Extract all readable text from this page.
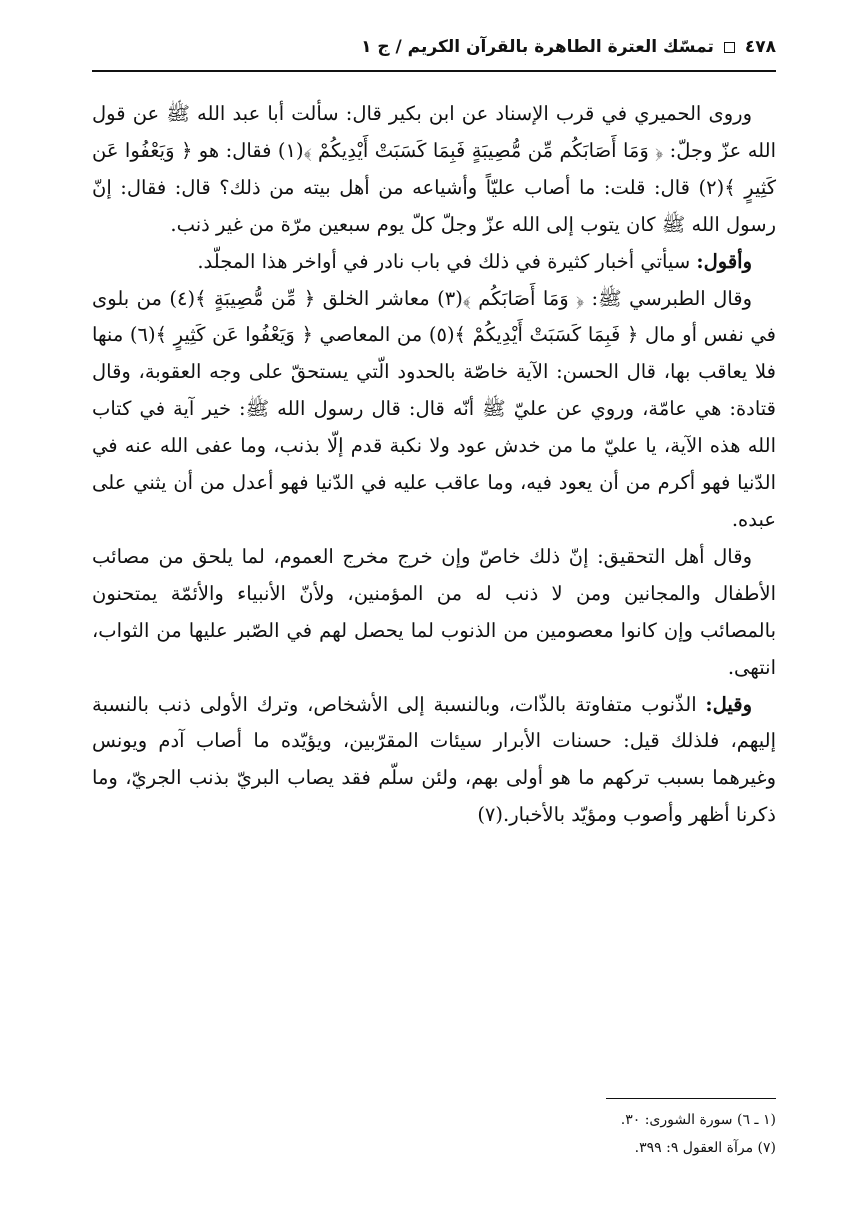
٤٧٨
تمسّك العترة الطاهرة بالقرآن الكريم / ج ١

وروى الحميري في قرب الإسناد عن ابن بكير قال: سألت أبا عبد الله ﷺ عن قول الله عزّ وجلّ: ﴿ وَمَا أَصَابَكُم مِّن مُّصِيبَةٍ فَبِمَا كَسَبَتْ أَيْدِيكُمْ ﴾(١) فقال: هو ﴿ وَيَعْفُوا عَن كَثِيرٍ ﴾(٢) قال: قلت: ما أصاب عليّاً وأشياعه من أهل بيته من ذلك؟ قال: فقال: إنّ رسول الله ﷺ كان يتوب إلى الله عزّ وجلّ كلّ يوم سبعين مرّة من غير ذنب.

وأقول: سيأتي أخبار كثيرة في ذلك في باب نادر في أواخر هذا المجلّد.

وقال الطبرسي ﷺ: ﴿ وَمَا أَصَابَكُم ﴾(٣) معاشر الخلق ﴿ مِّن مُّصِيبَةٍ ﴾(٤) من بلوى في نفس أو مال ﴿ فَبِمَا كَسَبَتْ أَيْدِيكُمْ ﴾(٥) من المعاصي ﴿ وَيَعْفُوا عَن كَثِيرٍ ﴾(٦) منها فلا يعاقب بها، قال الحسن: الآية خاصّة بالحدود الّتي يستحقّ على وجه العقوبة، وقال قتادة: هي عامّة، وروي عن عليّ ﷺ أنّه قال: قال رسول الله ﷺ: خير آية في كتاب الله هذه الآية، يا عليّ ما من خدش عود ولا نكبة قدم إلّا بذنب، وما عفى الله عنه في الدّنيا فهو أكرم من أن يعود فيه، وما عاقب عليه في الدّنيا فهو أعدل من أن يثني على عبده.

وقال أهل التحقيق: إنّ ذلك خاصّ وإن خرج مخرج العموم، لما يلحق من مصائب الأطفال والمجانين ومن لا ذنب له من المؤمنين، ولأنّ الأنبياء والأئمّة يمتحنون بالمصائب وإن كانوا معصومين من الذنوب لما يحصل لهم في الصّبر عليها من الثواب، انتهى.

وقيل: الذّنوب متفاوتة بالذّات، وبالنسبة إلى الأشخاص، وترك الأولى ذنب بالنسبة إليهم، فلذلك قيل: حسنات الأبرار سيئات المقرّبين، ويؤيّده ما أصاب آدم ويونس وغيرهما بسبب تركهم ما هو أولى بهم، ولئن سلّم فقد يصاب البريّ بذنب الجريّ، وما ذكرنا أظهر وأصوب ومؤيّد بالأخبار.(٧)

(١ ـ ٦) سورة الشورى: ٣٠.
(٧) مرآة العقول ٩: ٣٩٩.
